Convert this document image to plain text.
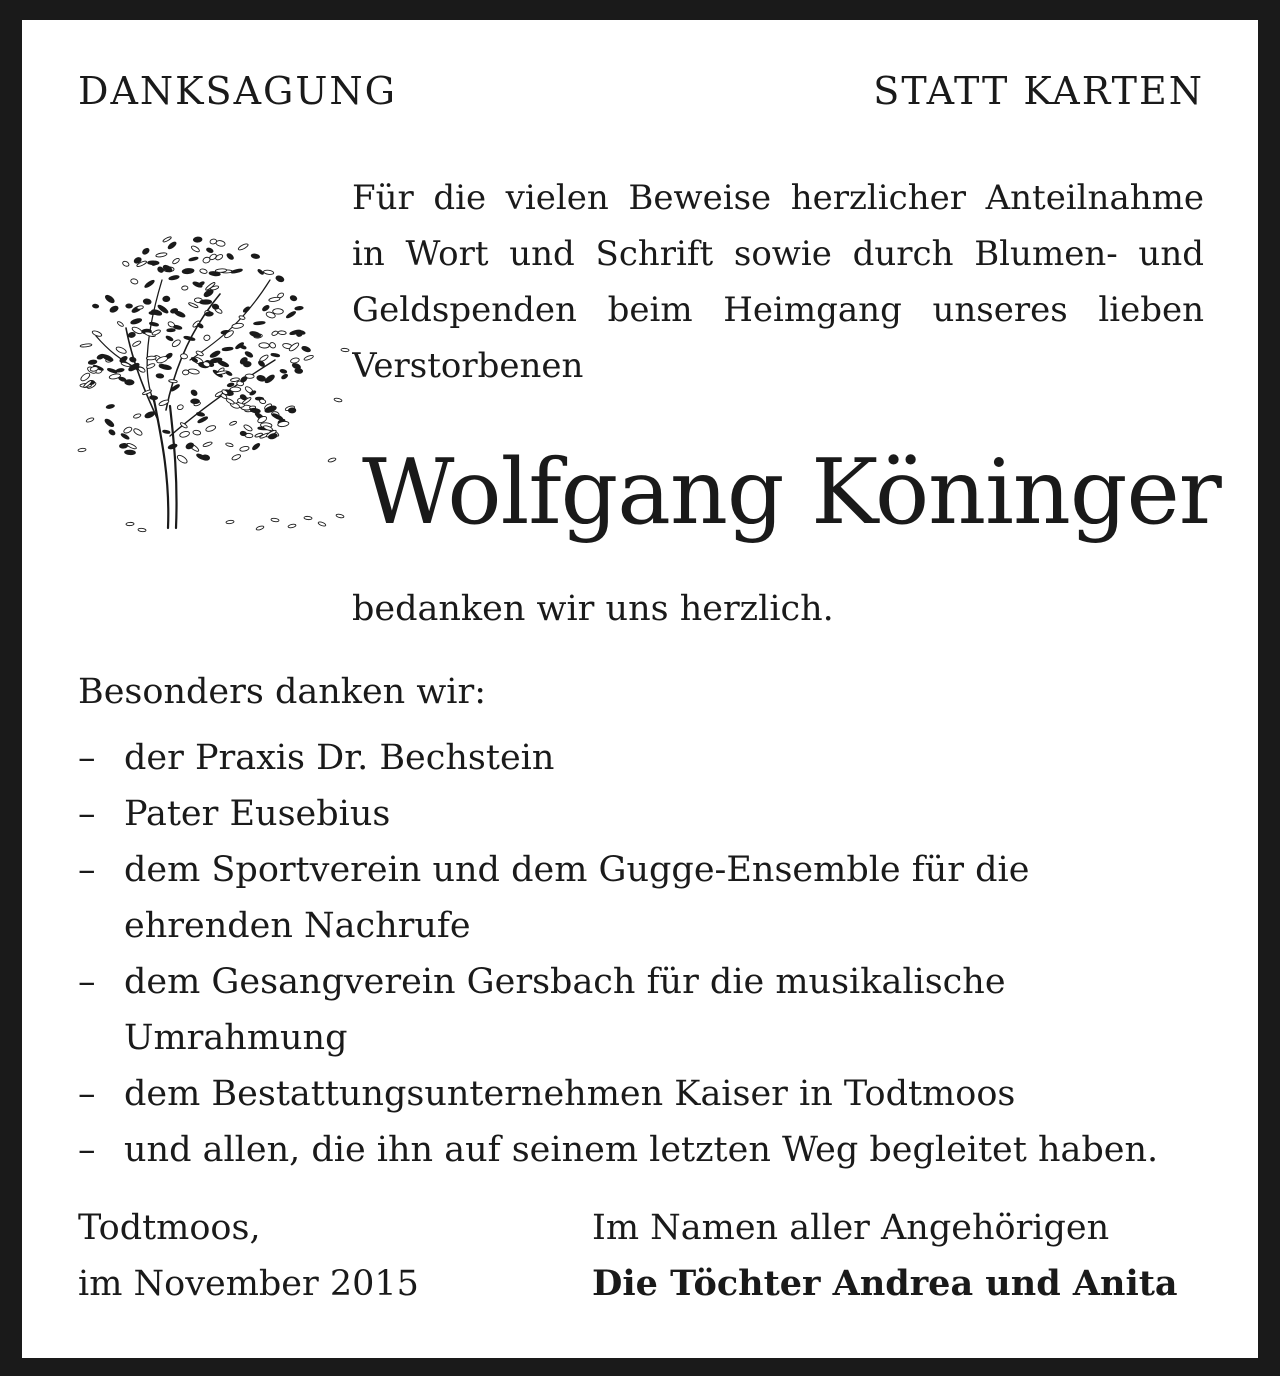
DANKSAGUNG	STATT KARTEN
Für die vielen Beweise herzlicher Anteilnahme
in Wort und Schrift sowie durch Blumen- und
Geldspenden beim Heimgang unseres lieben
Verstorbenen
Wolfgang Köninger
bedanken wir uns herzlich.
Besonders danken wir:
– der Praxis Dr. Bechstein
– Pater Eusebius
– dem Sportverein und dem Gugge-Ensemble für die
ehrenden Nachrufe
– dem Gesangverein Gersbach für die musikalische
Umrahmung
– dem Bestattungsunternehmen Kaiser in Todtmoos
– und allen, die ihn auf seinem letzten Weg begleitet haben.
Todtmoos,
im November 2015
Im Namen aller Angehörigen
Die Töchter Andrea und Anita
